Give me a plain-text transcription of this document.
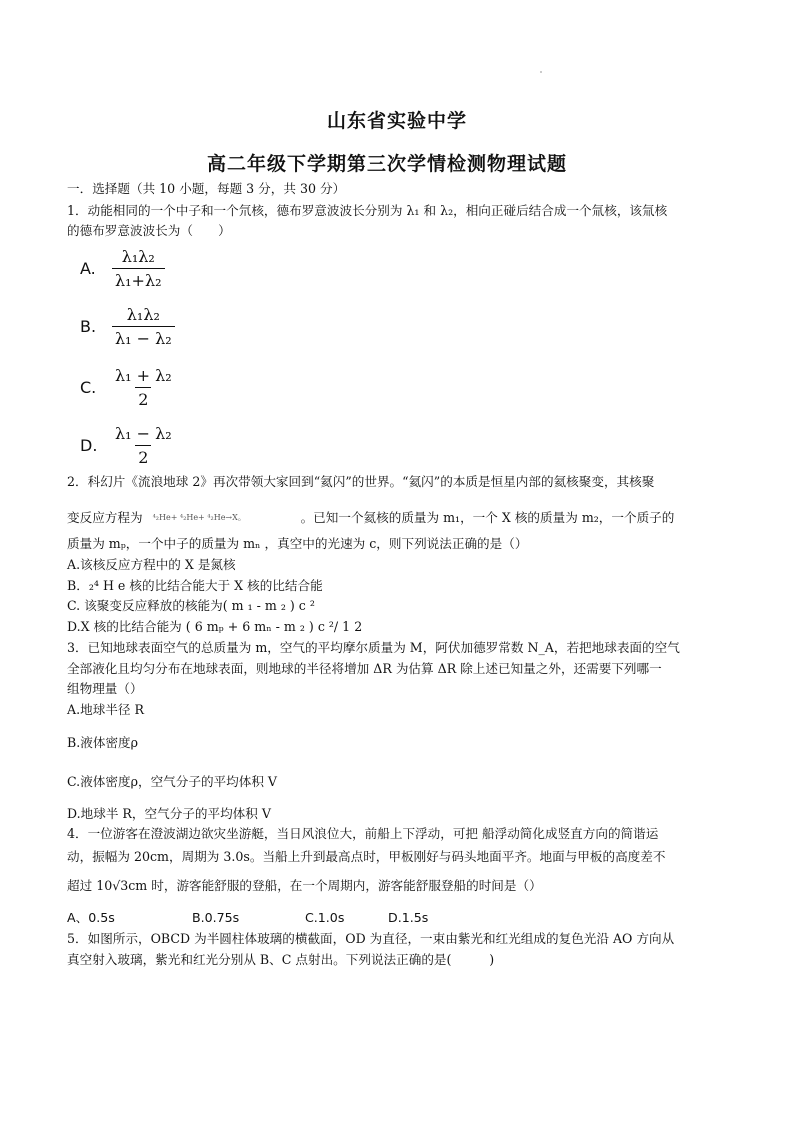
山东省实验中学
高二年级下学期第三次学情检测物理试题
一．选择题（共 10 小题，每题 3 分，共 30 分）
1．动能相同的一个中子和一个氘核，德布罗意波波长分别为 λ₁ 和 λ₂，相向正碰后结合成一个氚核，该氚核
的德布罗意波波长为（　　）
A.	$\frac{\text{λ₁λ₂}}{\text{λ₁+λ₂}}$
B. $\frac{\text{λ₁λ₂}}{\text{λ₁ − λ₂}}$
C. $\frac{\text{λ₁ + λ₂}}{2}$
D. $\frac{\text{λ₁ − λ₂}}{2}$
2．科幻片《流浪地球 2》再次带领大家回到“氦闪”的世界。“氦闪”的本质是恒星内部的氦核聚变，其核聚
变反应方程为 ⁴₂He+ ⁴₂He+ ⁴₂He→X。	。已知一个氦核的质量为 m₁，一个 X 核的质量为 m₂，一个质子的
质量为 mₚ，一个中子的质量为 mₙ ，真空中的光速为 c，则下列说法正确的是（）
A.该核反应方程中的 X 是氮核
B．₂⁴ H e 核的比结合能大于 X 核的比结合能
C. 该聚变反应释放的核能为( m ₁ - m ₂ ) c ²
D.X 核的比结合能为 ( 6 mₚ + 6 mₙ - m ₂ ) c ²/ 1 2
3．已知地球表面空气的总质量为 m，空气的平均摩尔质量为 M，阿伏加德罗常数 N_A，若把地球表面的空气
全部液化且均匀分布在地球表面，则地球的半径将增加 ΔR 为估算 ΔR 除上述已知量之外，还需要下列哪一
组物理量（）
A.地球半径 R
B.液体密度ρ
C.液体密度ρ，空气分子的平均体积 V
D.地球半 R，空气分子的平均体积 V
4．一位游客在澄波湖边欲灾坐游艇，当日风浪位大，前船上下浮动，可把 船浮动简化成竖直方向的简谐运
动，振幅为 20cm，周期为 3.0s。当船上升到最高点时，甲板刚好与码头地面平齐。地面与甲板的高度差不
超过 10√3cm 时，游客能舒服的登船，在一个周期内，游客能舒服登船的时间是（）
A、0.5s	B.0.75s	C.1.0s	D.1.5s
5．如图所示，OBCD 为半圆柱体玻璃的横截面，OD 为直径，一束由紫光和红光组成的复色光沿 AO 方向从
真空射入玻璃，紫光和红光分别从 B、C 点射出。下列说法正确的是(　　　)
